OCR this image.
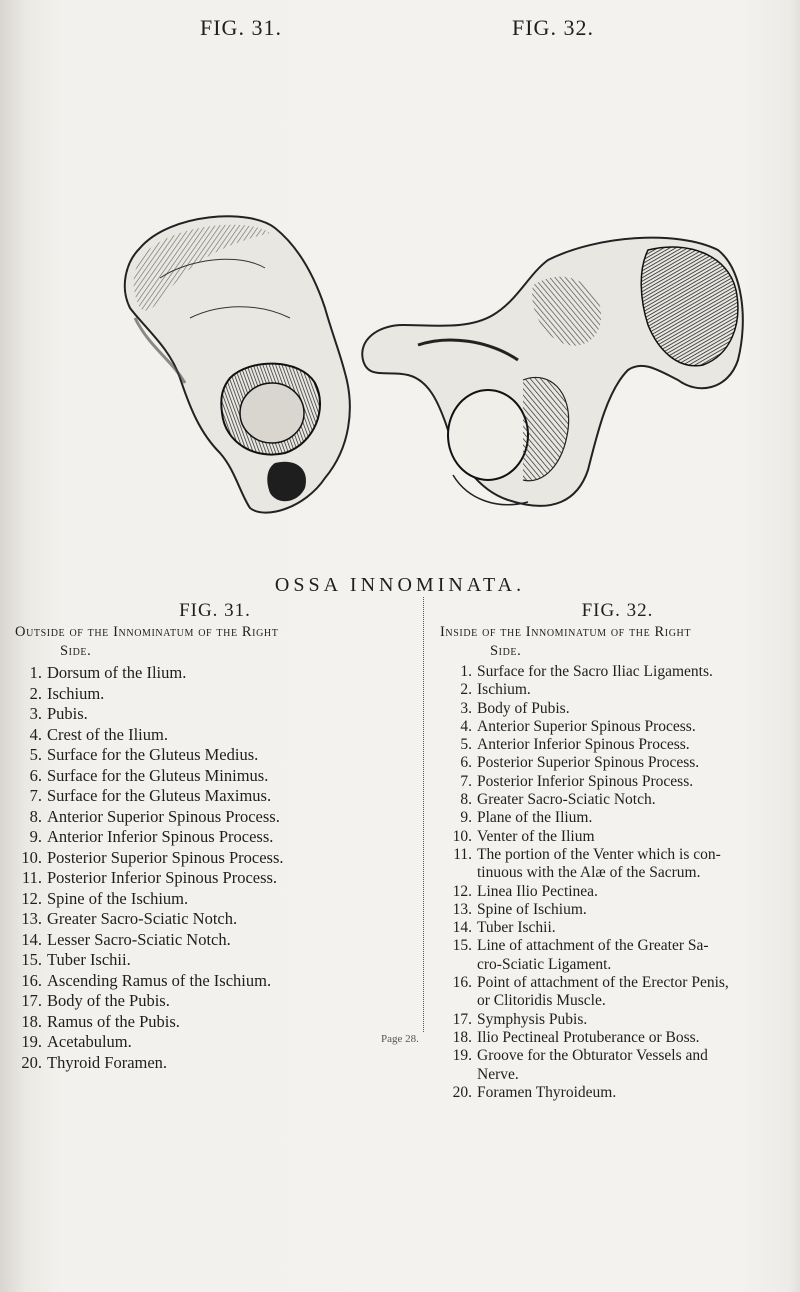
FIG. 31.	FIG. 32.
OSSA INNOMINATA.
FIG. 31.
Outside of the Innominatum of the Right
Side.
1. Dorsum of the Ilium.
2. Ischium.
3. Pubis.
4. Crest of the Ilium.
5. Surface for the Gluteus Medius.
6. Surface for the Gluteus Minimus.
7. Surface for the Gluteus Maximus.
8. Anterior Superior Spinous Process.
9. Anterior Inferior Spinous Process.
10. Posterior Superior Spinous Process.
11. Posterior Inferior Spinous Process.
12. Spine of the Ischium.
13. Greater Sacro-Sciatic Notch.
14. Lesser Sacro-Sciatic Notch.
15. Tuber Ischii.
16. Ascending Ramus of the Ischium.
17. Body of the Pubis.
18. Ramus of the Pubis.
19. Acetabulum.
20. Thyroid Foramen.
FIG. 32.
Inside of the Innominatum of the Right
Side.
1. Surface for the Sacro Iliac Ligaments.
2. Ischium.
3. Body of Pubis.
4. Anterior Superior Spinous Process.
5. Anterior Inferior Spinous Process.
6. Posterior Superior Spinous Process.
7. Posterior Inferior Spinous Process.
8. Greater Sacro-Sciatic Notch.
9. Plane of the Ilium.
10. Venter of the Ilium
11. The portion of the Venter which is con-
tinuous with the Alæ of the Sacrum.
12. Linea Ilio Pectinea.
13. Spine of Ischium.
14. Tuber Ischii.
15. Line of attachment of the Greater Sa-
cro-Sciatic Ligament.
16. Point of attachment of the Erector Penis,
or Clitoridis Muscle.
17. Symphysis Pubis.
18. Ilio Pectineal Protuberance or Boss.
19. Groove for the Obturator Vessels and
Nerve.
20. Foramen Thyroideum.
Page 28.
